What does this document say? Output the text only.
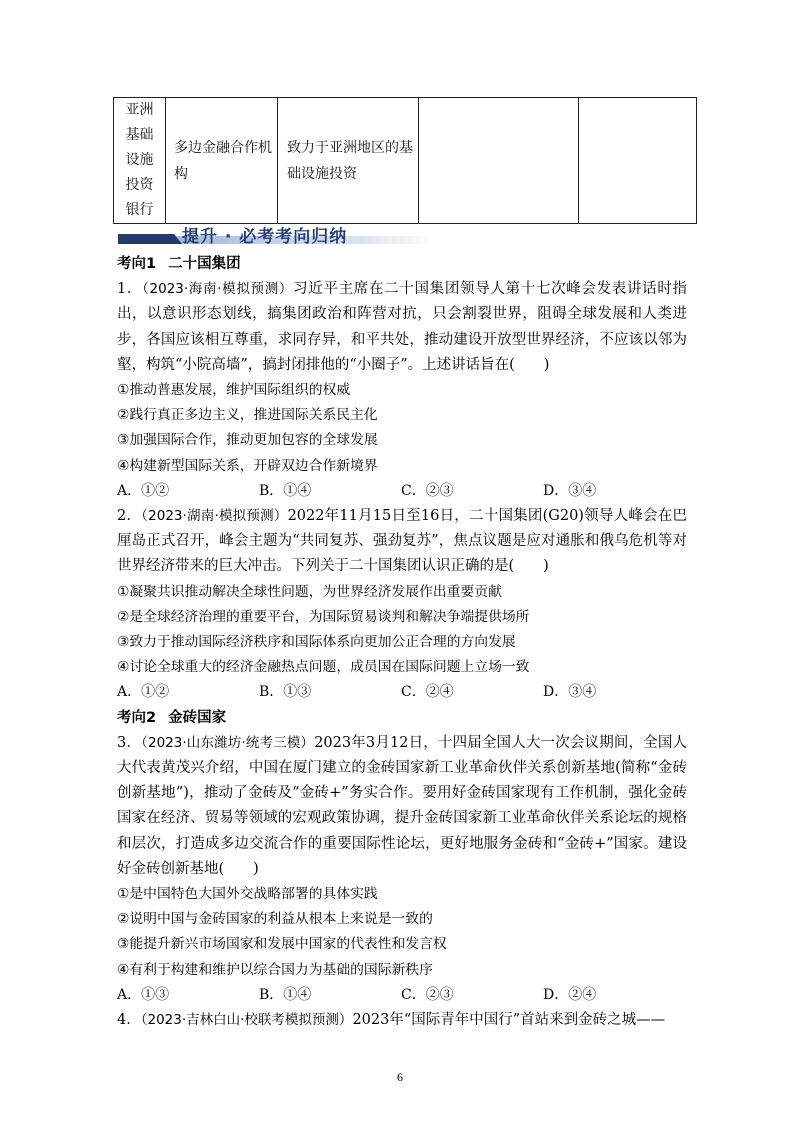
亚洲基础设施投资银行	多边金融合作机构	致力于亚洲地区的基础设施投资		
提升 · 必考考向归纳

考向1 二十国集团

1．（2023·海南·模拟预测）习近平主席在二十国集团领导人第十七次峰会发表讲话时指出，以意识形态划线，搞集团政治和阵营对抗，只会割裂世界，阻碍全球发展和人类进步，各国应该相互尊重，求同存异，和平共处，推动建设开放型世界经济，不应该以邻为壑，构筑“小院高墙”，搞封闭排他的“小圈子”。上述讲话旨在(　　)

①推动普惠发展，维护国际组织的权威

②践行真正多边主义，推进国际关系民主化

③加强国际合作，推动更加包容的全球发展

④构建新型国际关系，开辟双边合作新境界

A．①②	B．①④	C．②③	D．③④

2．（2023·湖南·模拟预测）2022年11月15日至16日，二十国集团(G20)领导人峰会在巴厘岛正式召开，峰会主题为“共同复苏、强劲复苏”，焦点议题是应对通胀和俄乌危机等对世界经济带来的巨大冲击。下列关于二十国集团认识正确的是(　　)

①凝聚共识推动解决全球性问题，为世界经济发展作出重要贡献

②是全球经济治理的重要平台，为国际贸易谈判和解决争端提供场所

③致力于推动国际经济秩序和国际体系向更加公正合理的方向发展

④讨论全球重大的经济金融热点问题，成员国在国际问题上立场一致

A．①②	B．①③	C．②④	D．③④

考向2 金砖国家

3．（2023·山东潍坊·统考三模）2023年3月12日，十四届全国人大一次会议期间，全国人大代表黄茂兴介绍，中国在厦门建立的金砖国家新工业革命伙伴关系创新基地(简称“金砖创新基地”)，推动了金砖及“金砖+”务实合作。要用好金砖国家现有工作机制，强化金砖国家在经济、贸易等领域的宏观政策协调，提升金砖国家新工业革命伙伴关系论坛的规格和层次，打造成多边交流合作的重要国际性论坛，更好地服务金砖和“金砖+”国家。建设好金砖创新基地(　　)

①是中国特色大国外交战略部署的具体实践

②说明中国与金砖国家的利益从根本上来说是一致的

③能提升新兴市场国家和发展中国家的代表性和发言权

④有利于构建和维护以综合国力为基础的国际新秩序

A．①③	B．①④	C．②③	D．②④

4．（2023·吉林白山·校联考模拟预测）2023年“国际青年中国行”首站来到金砖之城——

6
